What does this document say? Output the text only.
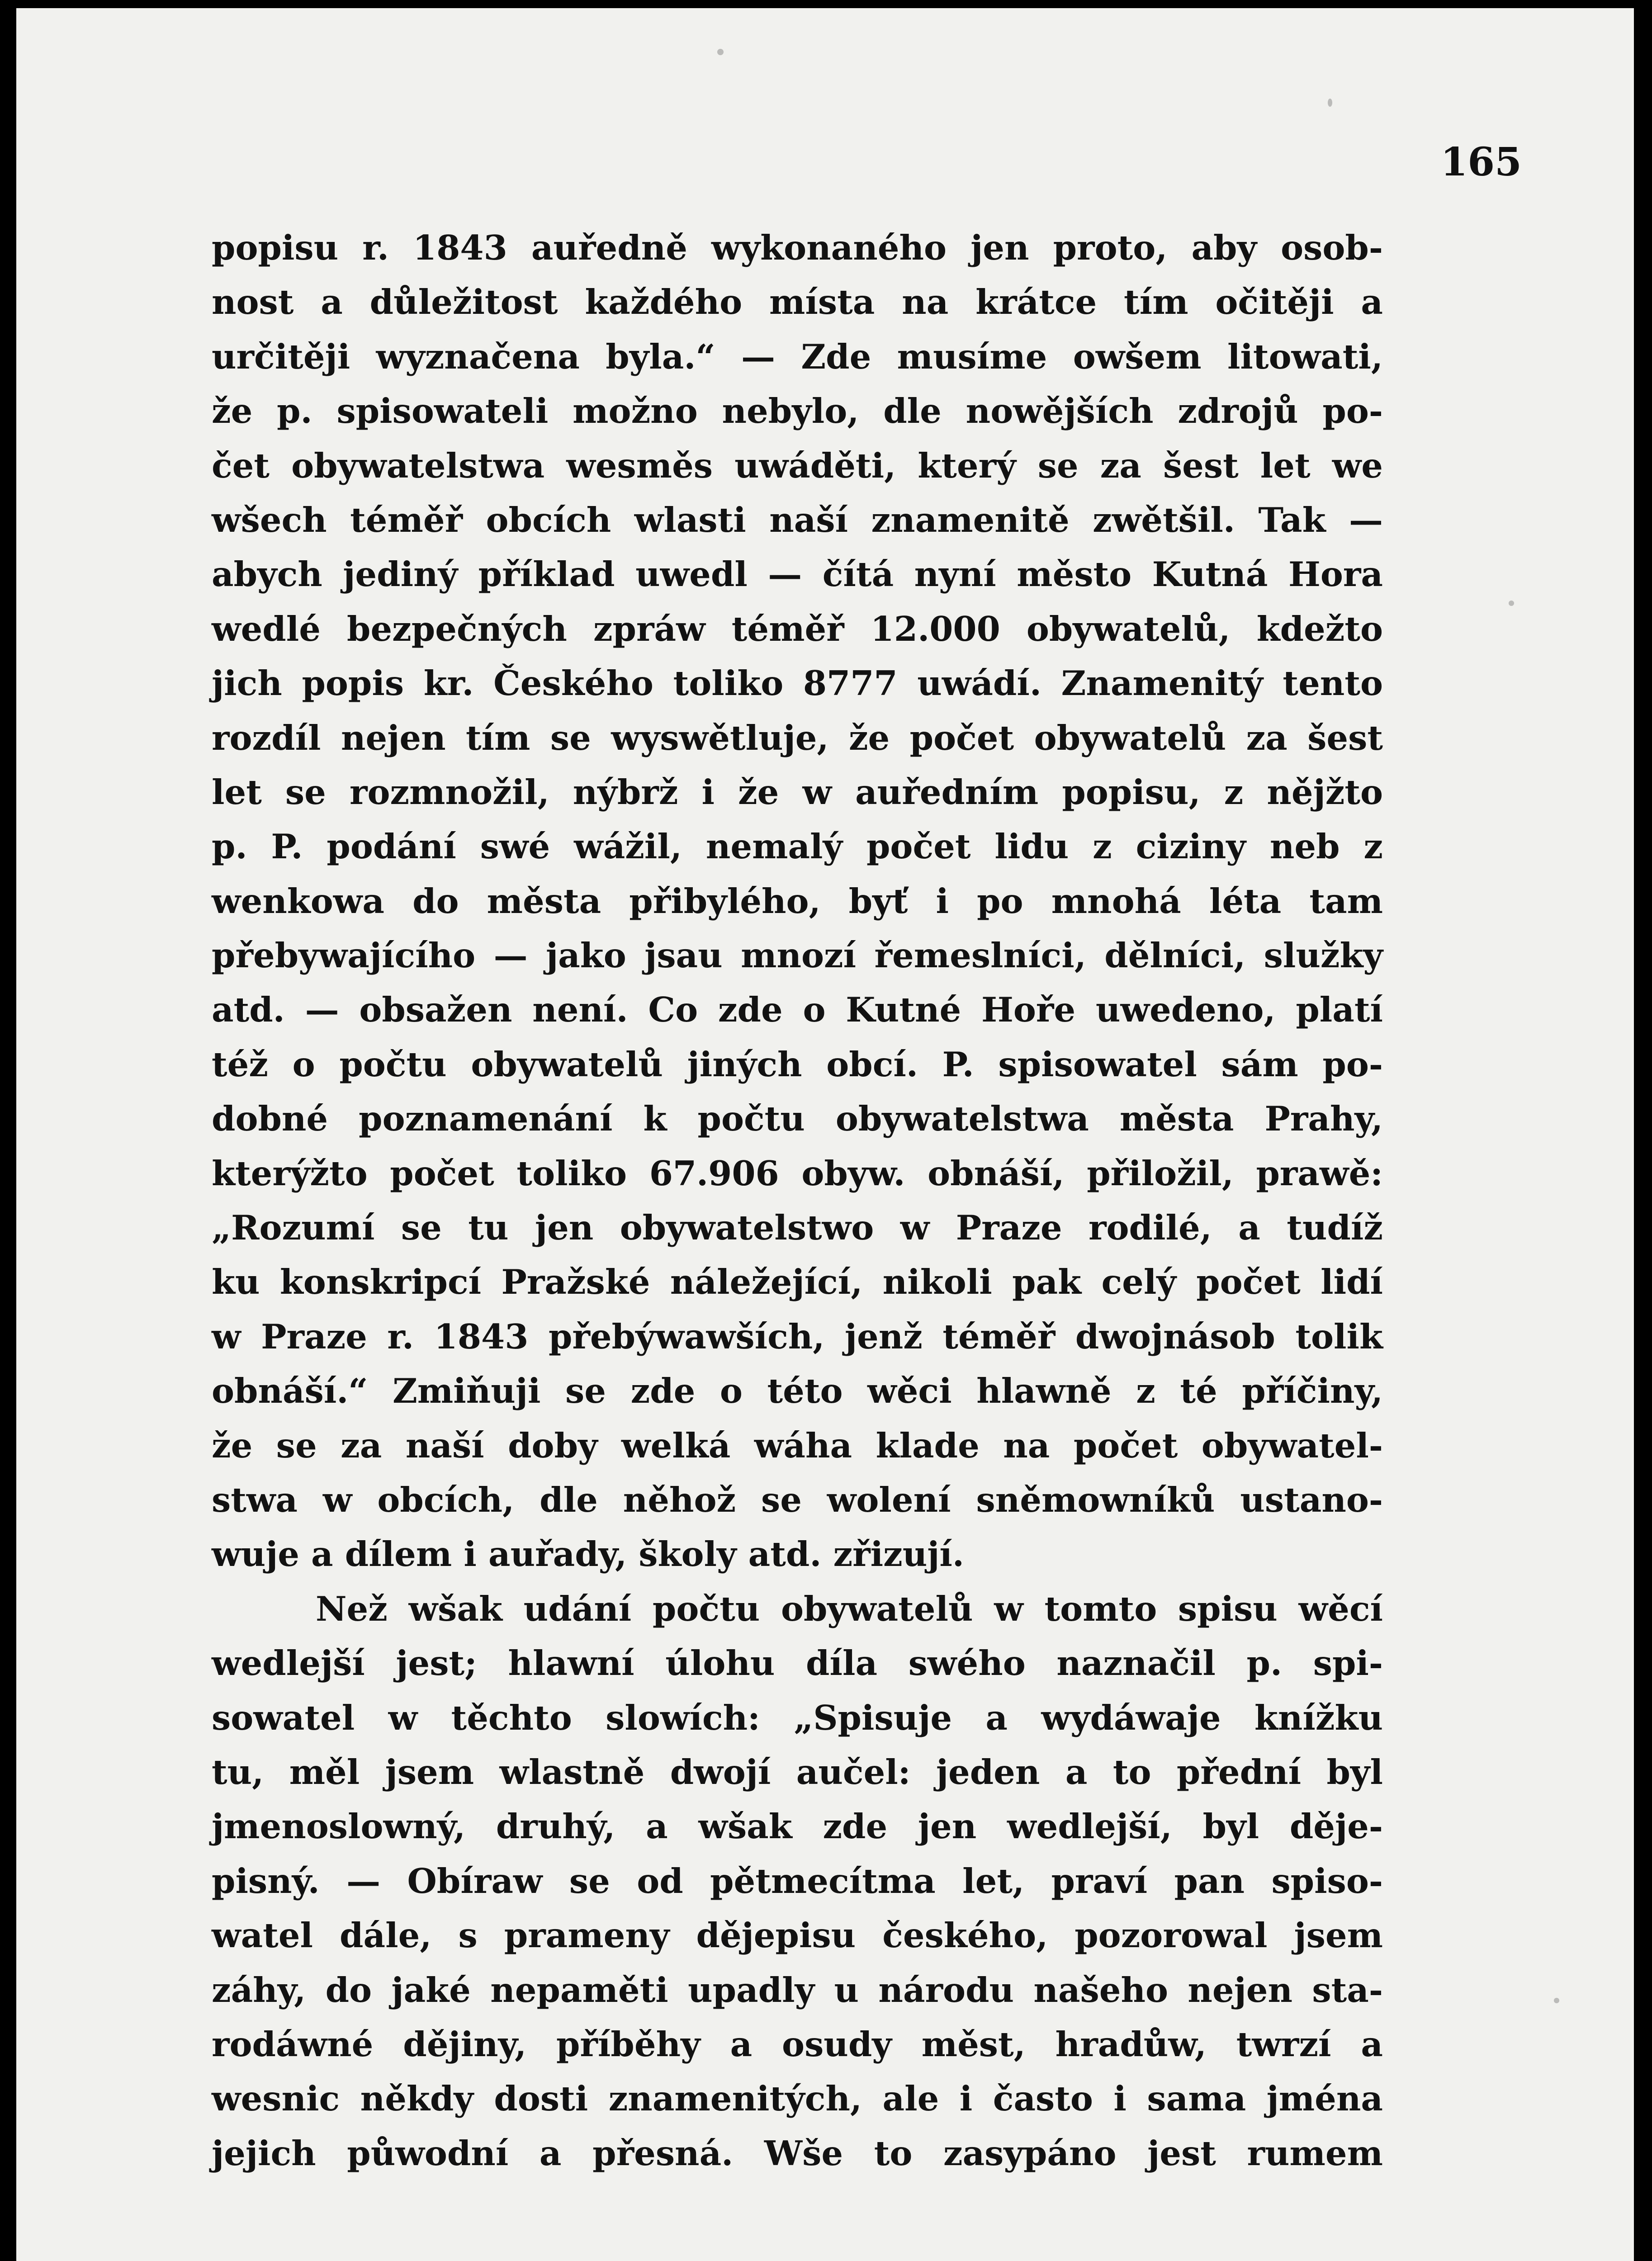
165

popisu r. 1843 auředně wykonaného jen proto, aby osob-
nost a důležitost každého místa na krátce tím očitěji a
určitěji wyznačena byla.“ — Zde musíme owšem litowati,
že p. spisowateli možno nebylo, dle nowějších zdrojů po-
čet obywatelstwa wesměs uwáděti, který se za šest let we
wšech téměř obcích wlasti naší znamenitě zwětšil. Tak —
abych jediný příklad uwedl — čítá nyní město Kutná Hora
wedlé bezpečných zpráw téměř 12.000 obywatelů, kdežto
jich popis kr. Českého toliko 8777 uwádí. Znamenitý tento
rozdíl nejen tím se wyswětluje, že počet obywatelů za šest
let se rozmnožil, nýbrž i že w auředním popisu, z nějžto
p. P. podání swé wážil, nemalý počet lidu z ciziny neb z
wenkowa do města přibylého, byť i po mnohá léta tam
přebywajícího — jako jsau mnozí řemeslníci, dělníci, služky
atd. — obsažen není. Co zde o Kutné Hoře uwedeno, platí
též o počtu obywatelů jiných obcí. P. spisowatel sám po-
dobné poznamenání k počtu obywatelstwa města Prahy,
kterýžto počet toliko 67.906 obyw. obnáší, přiložil, prawě:
„Rozumí se tu jen obywatelstwo w Praze rodilé, a tudíž
ku konskripcí Pražské náležející, nikoli pak celý počet lidí
w Praze r. 1843 přebýwawších, jenž téměř dwojnásob tolik
obnáší.“ Zmiňuji se zde o této wěci hlawně z té příčiny,
že se za naší doby welká wáha klade na počet obywatel-
stwa w obcích, dle něhož se wolení sněmowníků ustano-
wuje a dílem i auřady, školy atd. zřizují.
Než wšak udání počtu obywatelů w tomto spisu wěcí
wedlejší jest; hlawní úlohu díla swého naznačil p. spi-
sowatel w těchto slowích: „Spisuje a wydáwaje knížku
tu, měl jsem wlastně dwojí aučel: jeden a to přední byl
jmenoslowný, druhý, a wšak zde jen wedlejší, byl děje-
pisný. — Obíraw se od pětmecítma let, praví pan spiso-
watel dále, s prameny dějepisu českého, pozorowal jsem
záhy, do jaké nepaměti upadly u národu našeho nejen sta-
rodáwné dějiny, příběhy a osudy měst, hradůw, twrzí a
wesnic někdy dosti znamenitých, ale i často i sama jména
jejich půwodní a přesná. Wše to zasypáno jest rumem
